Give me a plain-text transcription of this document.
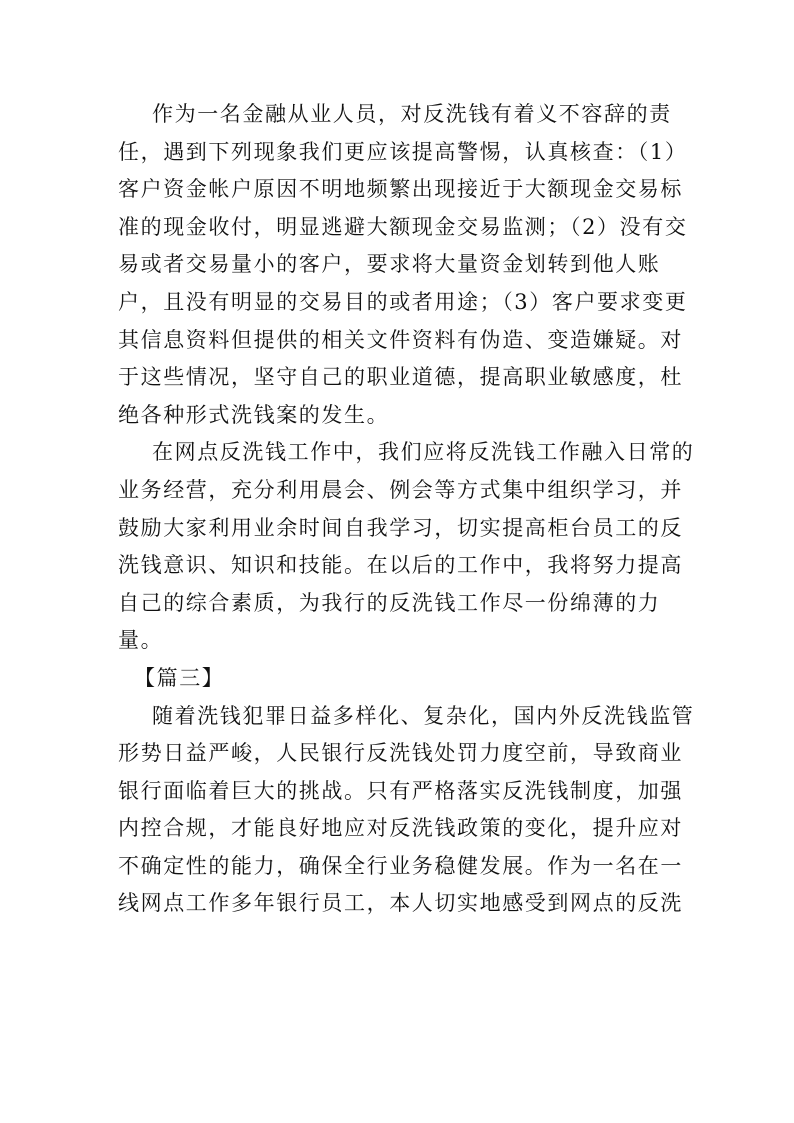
作为一名金融从业人员，对反洗钱有着义不容辞的责
任，遇到下列现象我们更应该提高警惕，认真核查：（1）
客户资金帐户原因不明地频繁出现接近于大额现金交易标
准的现金收付，明显逃避大额现金交易监测；（2）没有交
易或者交易量小的客户，要求将大量资金划转到他人账
户，且没有明显的交易目的或者用途；（3）客户要求变更
其信息资料但提供的相关文件资料有伪造、变造嫌疑。对
于这些情况，坚守自己的职业道德，提高职业敏感度，杜
绝各种形式洗钱案的发生。
在网点反洗钱工作中，我们应将反洗钱工作融入日常的
业务经营，充分利用晨会、例会等方式集中组织学习，并
鼓励大家利用业余时间自我学习，切实提高柜台员工的反
洗钱意识、知识和技能。在以后的工作中，我将努力提高
自己的综合素质，为我行的反洗钱工作尽一份绵薄的力
量。
【篇三】
随着洗钱犯罪日益多样化、复杂化，国内外反洗钱监管
形势日益严峻，人民银行反洗钱处罚力度空前，导致商业
银行面临着巨大的挑战。只有严格落实反洗钱制度，加强
内控合规，才能良好地应对反洗钱政策的变化，提升应对
不确定性的能力，确保全行业务稳健发展。作为一名在一
线网点工作多年银行员工，本人切实地感受到网点的反洗
